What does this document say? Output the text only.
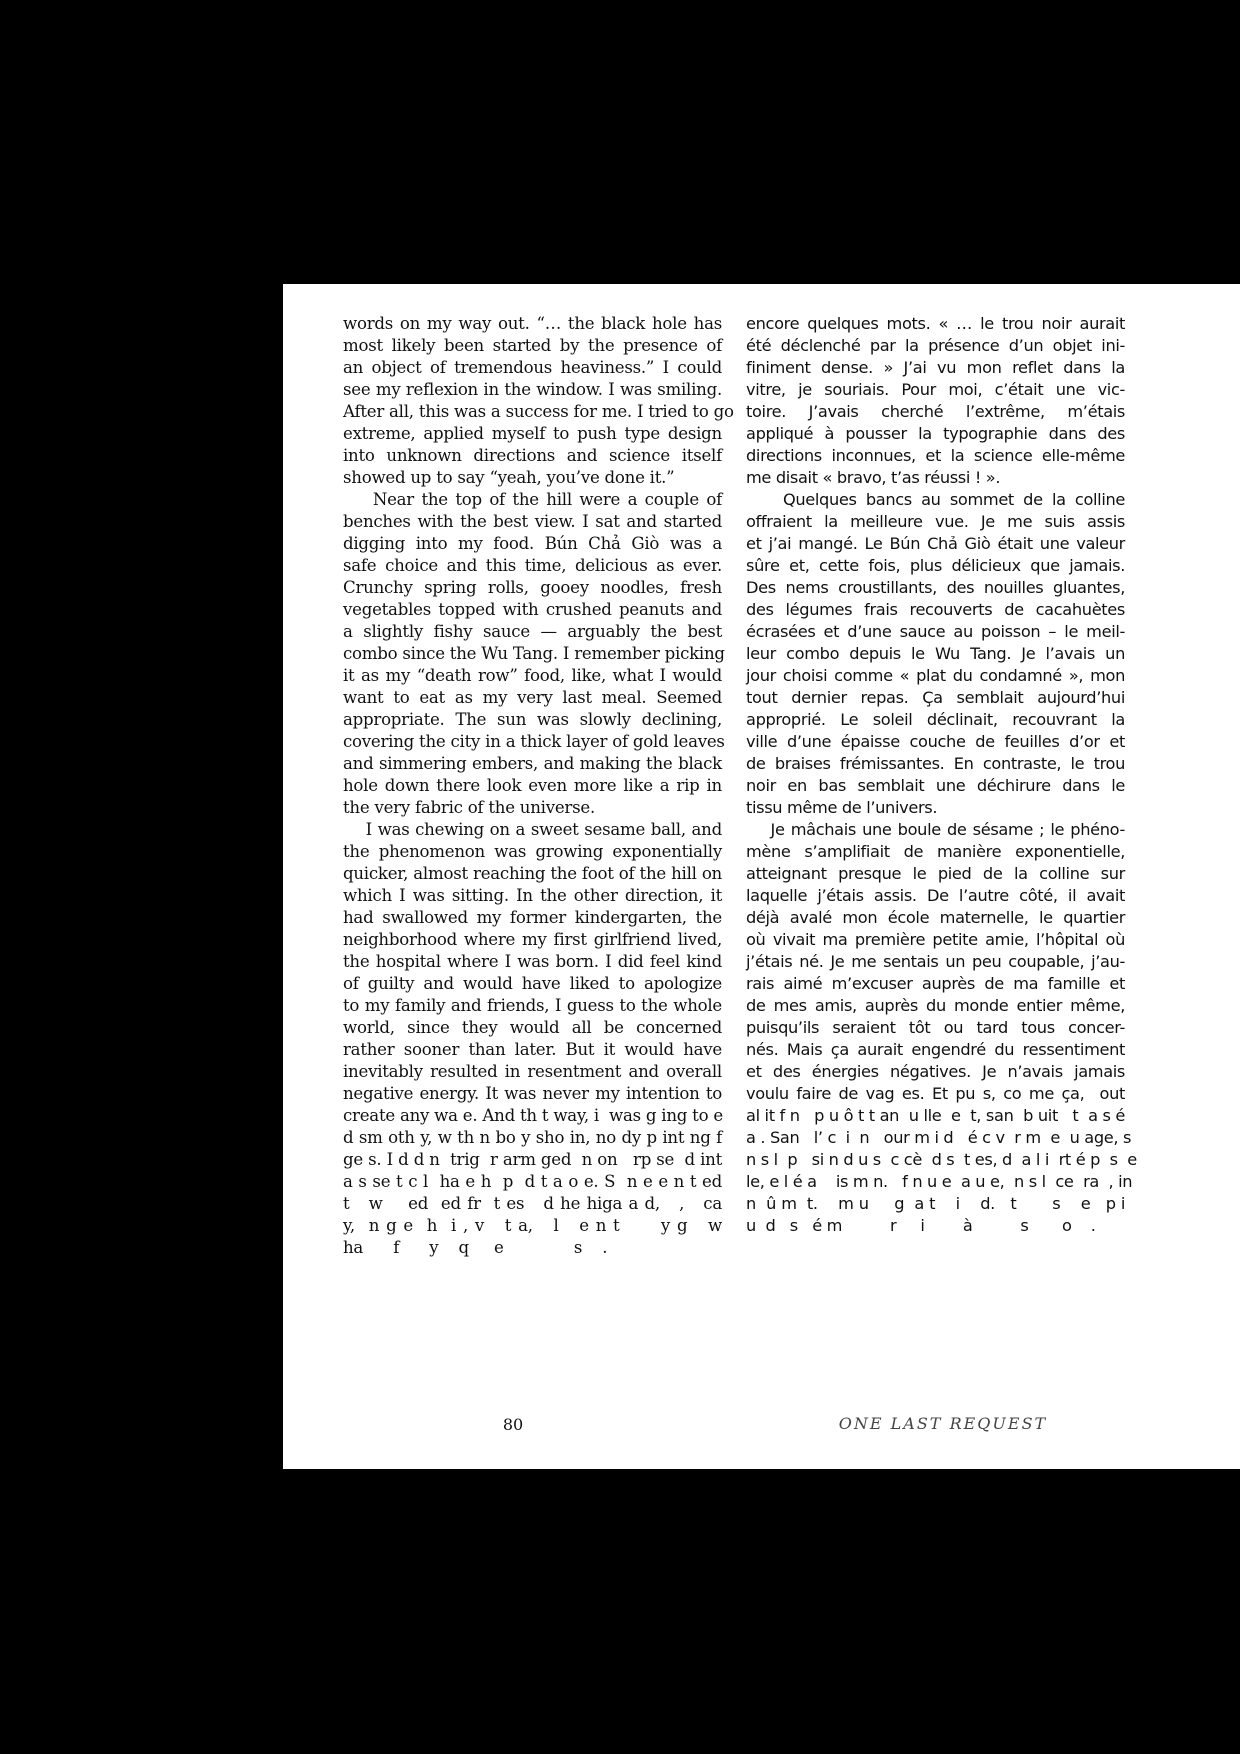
words on my way out. “… the black hole has
most likely been started by the presence of
an object of tremendous heaviness.” I could
see my reflexion in the window. I was smiling.
After all, this was a success for me. I tried to go
extreme, applied myself to push type design
into unknown directions and science itself
showed up to say “yeah, you’ve done it.”
Near the top of the hill were a couple of
benches with the best view. I sat and started
digging into my food. Bún Chả Giò was a
safe choice and this time, delicious as ever.
Crunchy spring rolls, gooey noodles, fresh
vegetables topped with crushed peanuts and
a slightly fishy sauce — arguably the best
combo since the Wu Tang. I remember picking
it as my “death row” food, like, what I would
want to eat as my very last meal. Seemed
appropriate. The sun was slowly declining,
covering the city in a thick layer of gold leaves
and simmering embers, and making the black
hole down there look even more like a rip in
the very fabric of the universe.
I was chewing on a sweet sesame ball, and
the phenomenon was growing exponentially
quicker, almost reaching the foot of the hill on
which I was sitting. In the other direction, it
had swallowed my former kindergarten, the
neighborhood where my first girlfriend lived,
the hospital where I was born. I did feel kind
of guilty and would have liked to apologize
to my family and friends, I guess to the whole
world, since they would all be concerned
rather sooner than later. But it would have
inevitably resulted in resentment and overall
negative energy. It was never my intention to
create any wa e. And th t way, i  was g ing to e
d sm oth y, w th n bo y sho in, no dy p int ng f
ge s. I d d n  trig  r arm ged  n on   rp se  d int
a s se t c l  ha e h  p  d t a o e. S  n e e n t ed
t   w    ed  ed fr  t es   d he higa a d,   ,   ca
y,  n g e  h  i , v   t a,   l   e n t      y g   w
ha      f      y    q     e              s    .
encore quelques mots. « … le trou noir aurait
été déclenché par la présence d’un objet ini-
finiment dense. » J’ai vu mon reflet dans la
vitre, je souriais. Pour moi, c’était une vic-
toire. J’avais cherché l’extrême, m’étais
appliqué à pousser la typographie dans des
directions inconnues, et la science elle-même
me disait « bravo, t’as réussi ! ».
Quelques bancs au sommet de la colline
offraient la meilleure vue. Je me suis assis
et j’ai mangé. Le Bún Chả Giò était une valeur
sûre et, cette fois, plus délicieux que jamais.
Des nems croustillants, des nouilles gluantes,
des légumes frais recouverts de cacahuètes
écrasées et d’une sauce au poisson – le meil-
leur combo depuis le Wu Tang. Je l’avais un
jour choisi comme « plat du condamné », mon
tout dernier repas. Ça semblait aujourd’hui
approprié. Le soleil déclinait, recouvrant la
ville d’une épaisse couche de feuilles d’or et
de braises frémissantes. En contraste, le trou
noir en bas semblait une déchirure dans le
tissu même de l’univers.
Je mâchais une boule de sésame ; le phéno-
mène s’amplifiait de manière exponentielle,
atteignant presque le pied de la colline sur
laquelle j’étais assis. De l’autre côté, il avait
déjà avalé mon école maternelle, le quartier
où vivait ma première petite amie, l’hôpital où
j’étais né. Je me sentais un peu coupable, j’au-
rais aimé m’excuser auprès de ma famille et
de mes amis, auprès du monde entier même,
puisqu’ils seraient tôt ou tard tous concer-
nés. Mais ça aurait engendré du ressentiment
et des énergies négatives. Je n’avais jamais
voulu faire de vag es. Et pu s, co me ça,  out
al it f n   p u ô t t an  u lle  e  t, san  b uit   t  a s é
a . San   l’ c  i  n   our m i d   é c v  r m  e  u age, s
n s l  p   si n d u s  c cè  d s  t es, d  a l i  rt é p  s  e
le, e l é a    is m n.   f n u e  a u e,  n s l  ce  ra  , in
n  û m  t.    m u     g  a t    i    d.   t       s    e   p i
u  d   s   é m          r     i        à          s       o    .
80	ONE LAST REQUEST
